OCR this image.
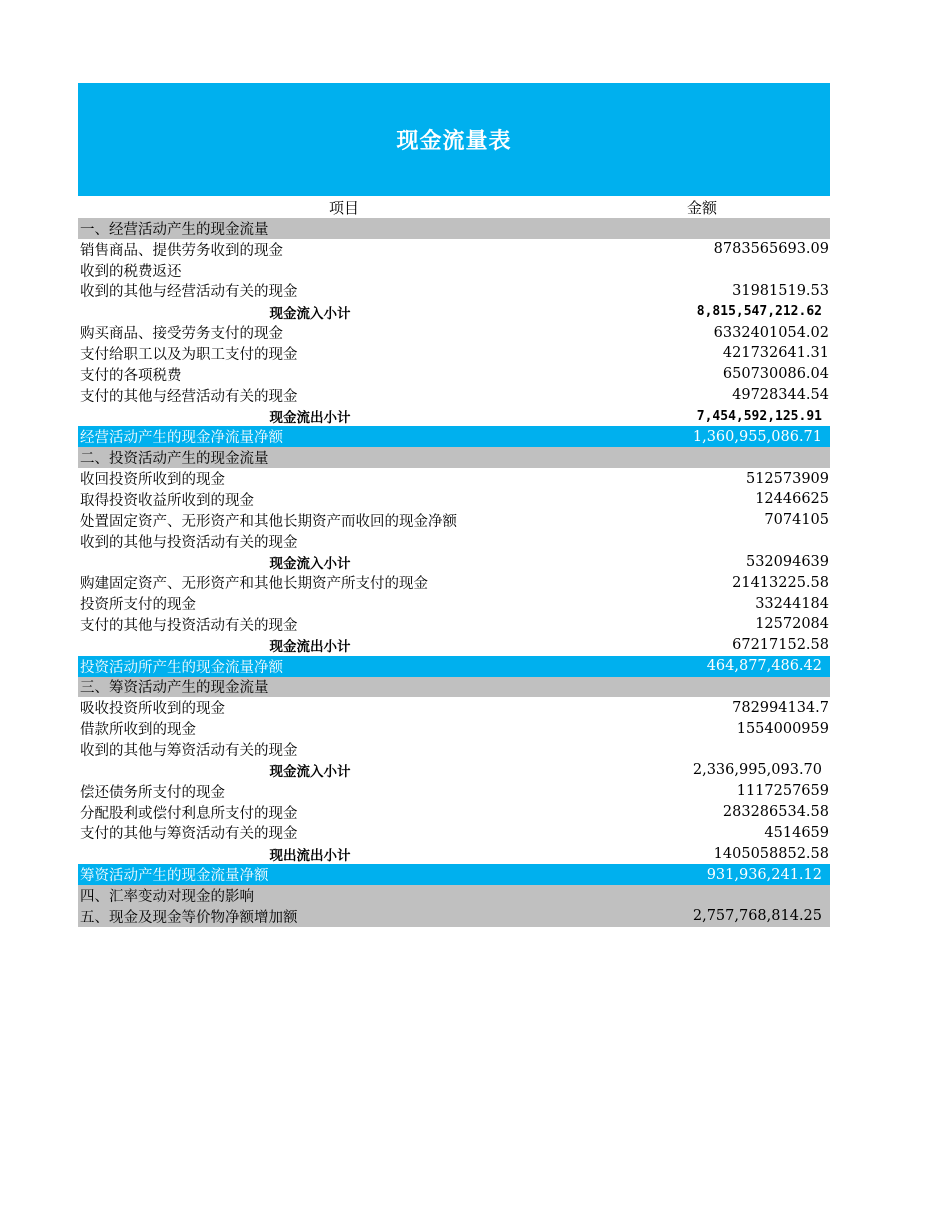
现金流量表
项目	金额
一、经营活动产生的现金流量
销售商品、提供劳务收到的现金	8783565693.09
收到的税费返还
收到的其他与经营活动有关的现金	31981519.53
现金流入小计	8,815,547,212.62
购买商品、接受劳务支付的现金	6332401054.02
支付给职工以及为职工支付的现金	421732641.31
支付的各项税费	650730086.04
支付的其他与经营活动有关的现金	49728344.54
现金流出小计	7,454,592,125.91
经营活动产生的现金净流量净额	1,360,955,086.71
二、投资活动产生的现金流量
收回投资所收到的现金	512573909
取得投资收益所收到的现金	12446625
处置固定资产、无形资产和其他长期资产而收回的现金净额	7074105
收到的其他与投资活动有关的现金
现金流入小计	532094639
购建固定资产、无形资产和其他长期资产所支付的现金	21413225.58
投资所支付的现金	33244184
支付的其他与投资活动有关的现金	12572084
现金流出小计	67217152.58
投资活动所产生的现金流量净额	464,877,486.42
三、筹资活动产生的现金流量
吸收投资所收到的现金	782994134.7
借款所收到的现金	1554000959
收到的其他与筹资活动有关的现金
现金流入小计	2,336,995,093.70
偿还债务所支付的现金	1117257659
分配股利或偿付利息所支付的现金	283286534.58
支付的其他与筹资活动有关的现金	4514659
现出流出小计	1405058852.58
筹资活动产生的现金流量净额	931,936,241.12
四、汇率变动对现金的影响
五、现金及现金等价物净额增加额	2,757,768,814.25
